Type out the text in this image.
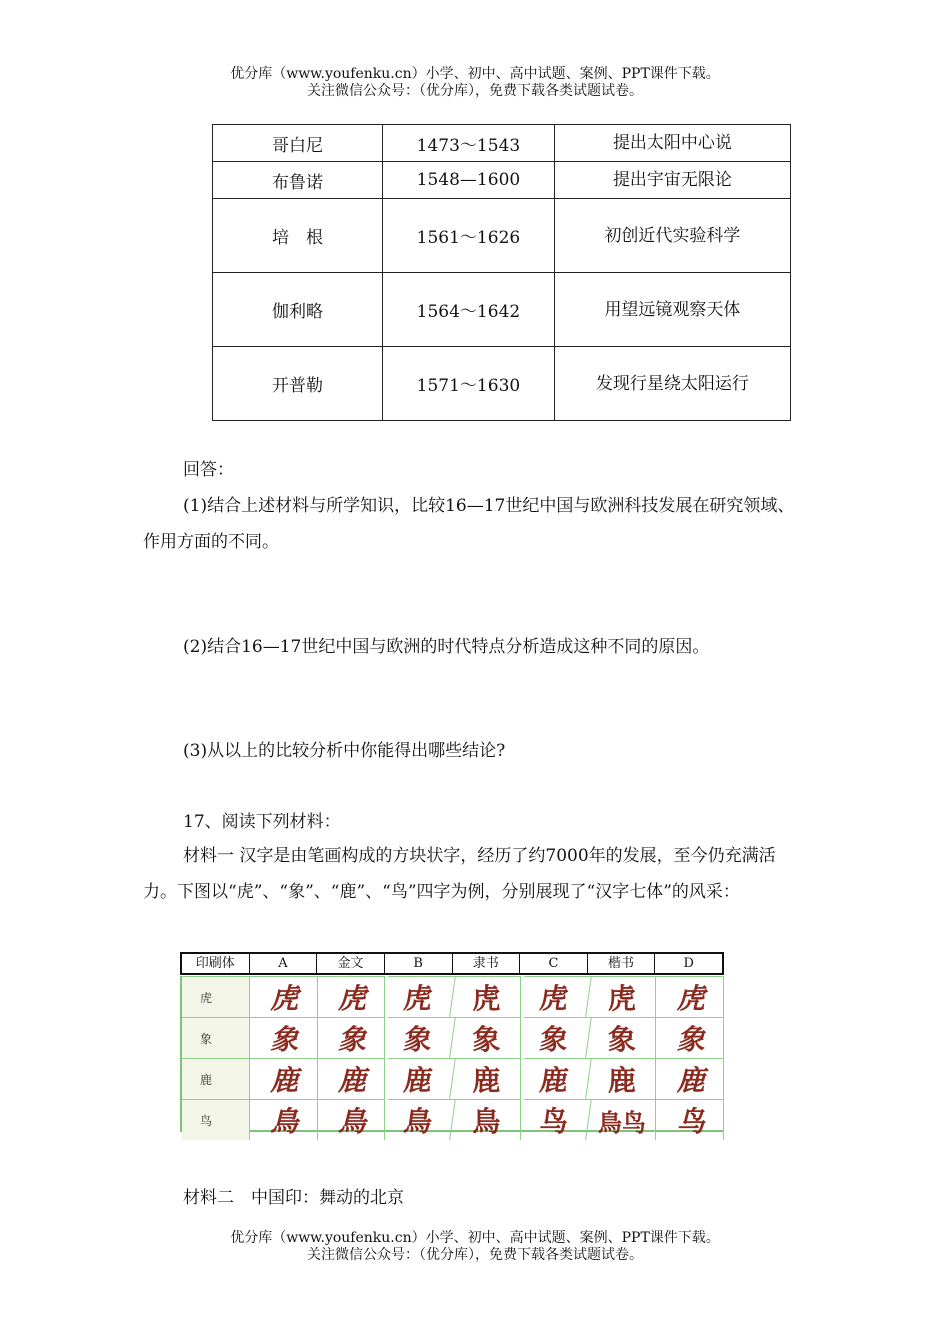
优分库（www.youfenku.cn）小学、初中、高中试题、案例、PPT课件下载。
关注微信公众号：（优分库），免费下载各类试题试卷。
哥白尼	1473～1543	提出太阳中心说
布鲁诺	1548—1600	提出宇宙无限论
培　根	1561～1626	初创近代实验科学
伽利略	1564～1642	用望远镜观察天体
开普勒	1571～1630	发现行星绕太阳运行

回答：

(1)结合上述材料与所学知识，比较16—17世纪中国与欧洲科技发展在研究领域、作用方面的不同。

(2)结合16—17世纪中国与欧洲的时代特点分析造成这种不同的原因。

(3)从以上的比较分析中你能得出哪些结论?

17、阅读下列材料：

材料一 汉字是由笔画构成的方块状字，经历了约7000年的发展，至今仍充满活力。下图以“虎”、“象”、“鹿”、“鸟”四字为例，分别展现了“汉字七体”的风采：

印刷体	A	金文	B	隶书	C	楷书	D
虎	虎	虎	虎	虎	虎	虎	虎
象	象	象	象	象	象	象	象
鹿	鹿	鹿	鹿	鹿	鹿	鹿	鹿
鸟	鳥	鳥	鳥	鳥	鸟	鳥鸟	鸟

材料二　中国印：舞动的北京

优分库（www.youfenku.cn）小学、初中、高中试题、案例、PPT课件下载。
关注微信公众号：（优分库），免费下载各类试题试卷。
